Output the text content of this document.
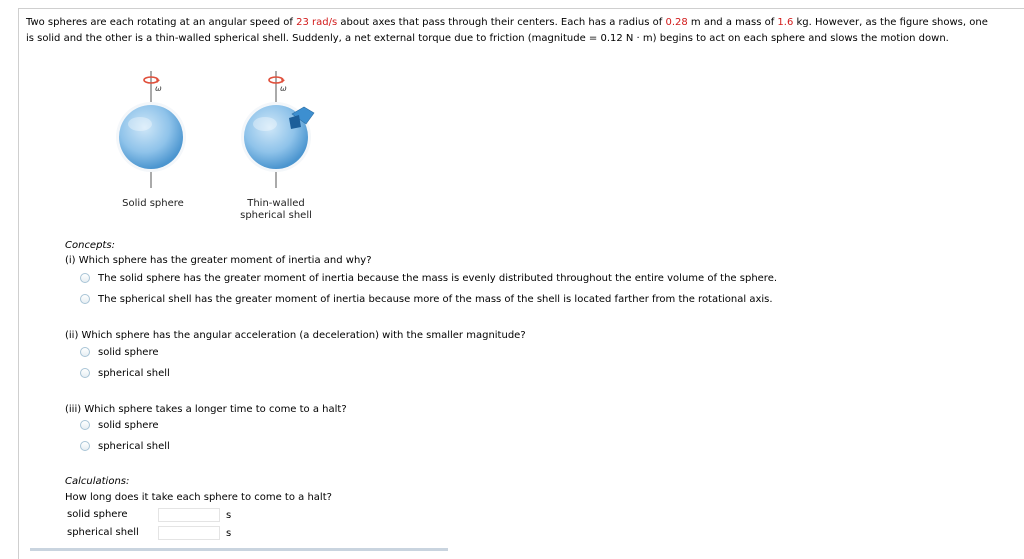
Two spheres are each rotating at an angular speed of 23 rad/s about axes that pass through their centers. Each has a radius of 0.28 m and a mass of 1.6 kg. However, as the figure shows, one
is solid and the other is a thin-walled spherical shell. Suddenly, a net external torque due to friction (magnitude = 0.12 N · m) begins to act on each sphere and slows the motion down.
ω	ω
Solid sphere	Thin-walled
spherical shell
Concepts:
(i) Which sphere has the greater moment of inertia and why?
The solid sphere has the greater moment of inertia because the mass is evenly distributed throughout the entire volume of the sphere.
The spherical shell has the greater moment of inertia because more of the mass of the shell is located farther from the rotational axis.
(ii) Which sphere has the angular acceleration (a deceleration) with the smaller magnitude?
solid sphere
spherical shell
(iii) Which sphere takes a longer time to come to a halt?
solid sphere
spherical shell
Calculations:
How long does it take each sphere to come to a halt?
solid sphere	s
spherical shell	s
